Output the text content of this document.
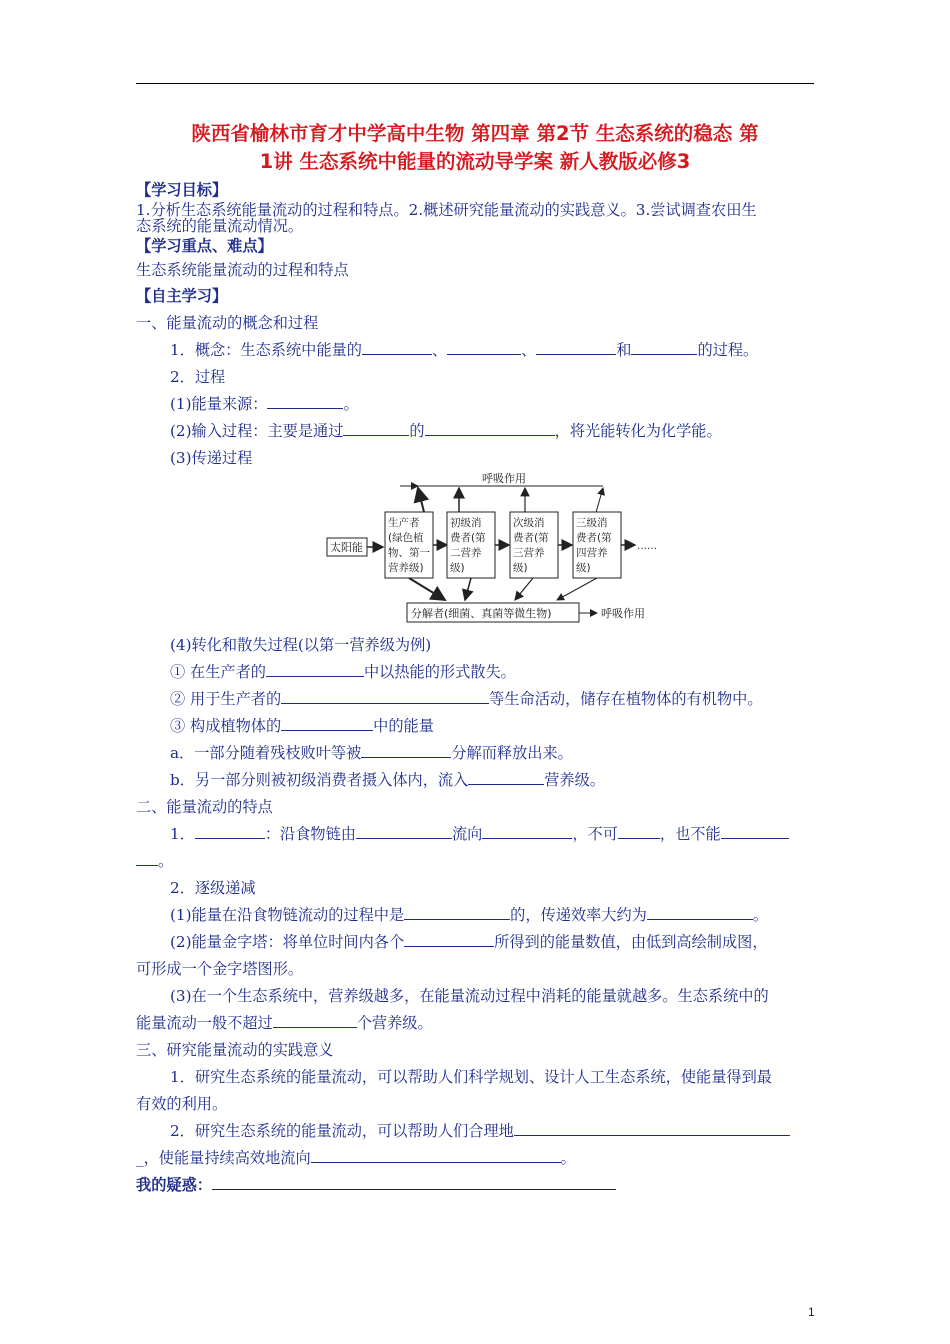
陕西省榆林市育才中学高中生物 第四章 第2节 生态系统的稳态 第
1讲 生态系统中能量的流动导学案 新人教版必修3
【学习目标】
1.分析生态系统能量流动的过程和特点。2.概述研究能量流动的实践意义。3.尝试调查农田生
态系统的能量流动情况。
【学习重点、难点】
生态系统能量流动的过程和特点
【自主学习】
一、能量流动的概念和过程
1．概念：生态系统中能量的	、	、	和	的过程。
2．过程
(1)能量来源：	。
(2)输入过程：主要是通过	的	，将光能转化为化学能。
(3)传递过程
呼吸作用
太阳能
生产者
(绿色植
物、第一
营养级)
初级消
费者(第
二营养
级)
次级消
费者(第
三营养
级)
三级消
费者(第
四营养
级)
……
分解者(细菌、真菌等微生物)	呼吸作用
(4)转化和散失过程(以第一营养级为例)
① 在生产者的	中以热能的形式散失。
② 用于生产者的	等生命活动，储存在植物体的有机物中。
③ 构成植物体的	中的能量
a．一部分随着残枝败叶等被	分解而释放出来。
b．另一部分则被初级消费者摄入体内，流入	营养级。
二、能量流动的特点
1．	：沿食物链由	流向	，不可	，也不能
。
2．逐级递减
(1)能量在沿食物链流动的过程中是	的，传递效率大约为	。
(2)能量金字塔：将单位时间内各个	所得到的能量数值，由低到高绘制成图，
可形成一个金字塔图形。
(3)在一个生态系统中，营养级越多，在能量流动过程中消耗的能量就越多。生态系统中的
能量流动一般不超过	个营养级。
三、研究能量流动的实践意义
1．研究生态系统的能量流动，可以帮助人们科学规划、设计人工生态系统，使能量得到最
有效的利用。
2．研究生态系统的能量流动，可以帮助人们合理地
_，使能量持续高效地流向	。
我的疑惑：
1
